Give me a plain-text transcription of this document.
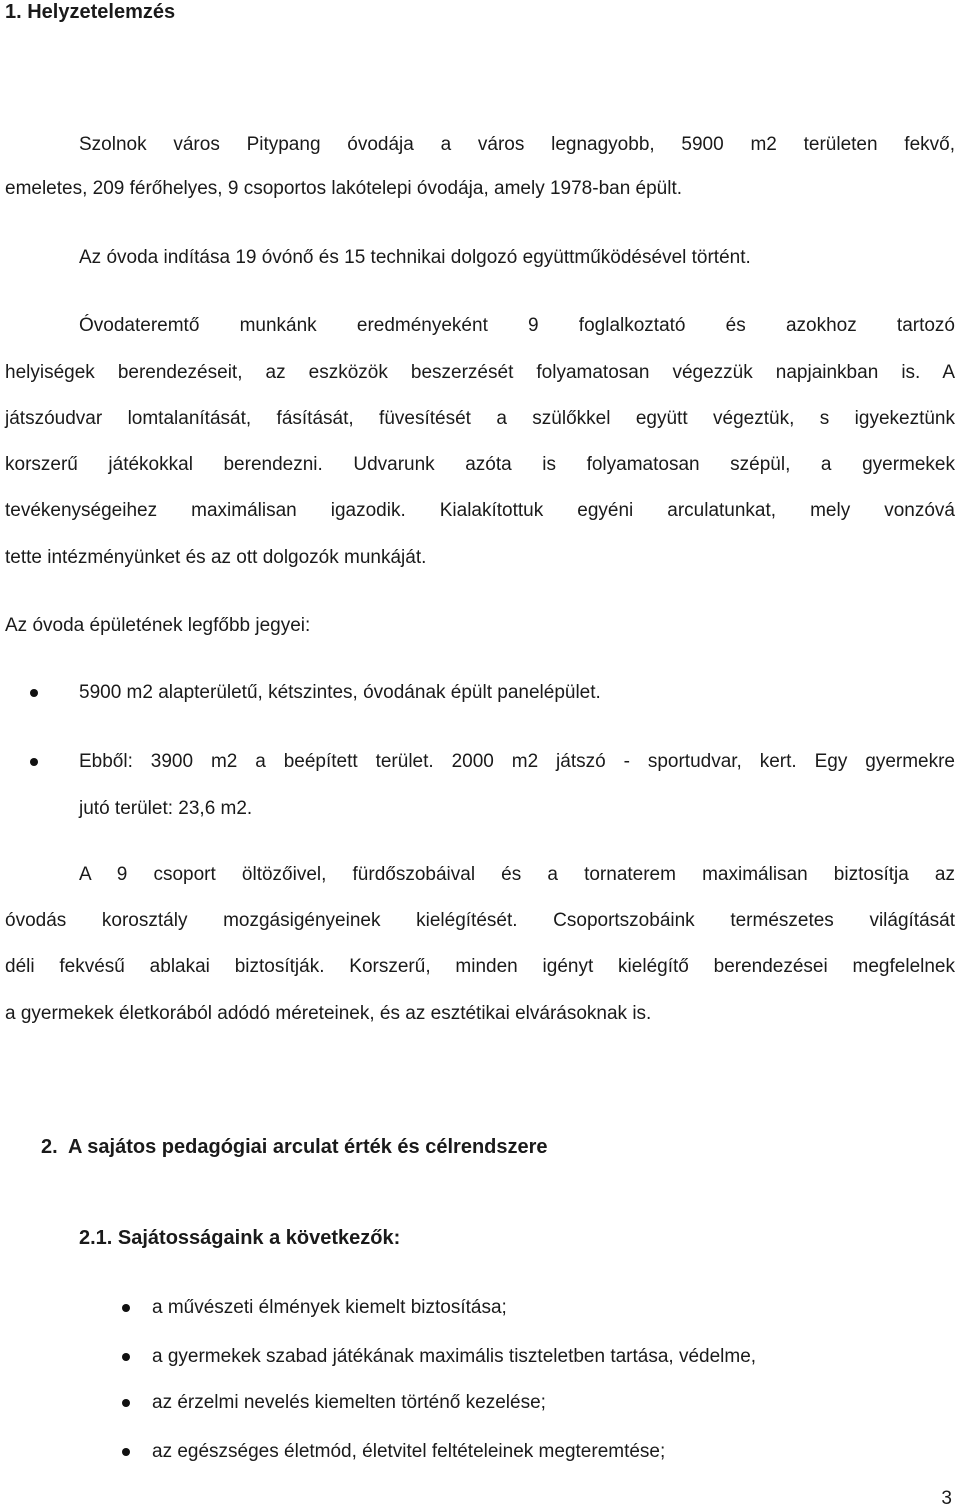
1. Helyzetelemzés
Szolnok város Pitypang óvodája a város legnagyobb, 5900 m2 területen fekvő,
emeletes, 209 férőhelyes, 9 csoportos lakótelepi óvodája, amely 1978-ban épült.
Az óvoda indítása 19 óvónő és 15 technikai dolgozó együttműködésével történt.
Óvodateremtő munkánk eredményeként 9 foglalkoztató és azokhoz tartozó
helyiségek berendezéseit, az eszközök beszerzését folyamatosan végezzük napjainkban is. A
játszóudvar lomtalanítását, fásítását, füvesítését a szülőkkel együtt végeztük, s igyekeztünk
korszerű játékokkal berendezni. Udvarunk azóta is folyamatosan szépül, a gyermekek
tevékenységeihez maximálisan igazodik. Kialakítottuk egyéni arculatunkat, mely vonzóvá
tette intézményünket és az ott dolgozók munkáját.
Az óvoda épületének legfőbb jegyei:
5900 m2 alapterületű, kétszintes, óvodának épült panelépület.
Ebből: 3900 m2 a beépített terület. 2000 m2 játszó - sportudvar, kert. Egy gyermekre
jutó terület: 23,6 m2.
A 9 csoport öltözőivel, fürdőszobáival és a tornaterem maximálisan biztosítja az
óvodás korosztály mozgásigényeinek kielégítését. Csoportszobáink természetes világítását
déli fekvésű ablakai biztosítják. Korszerű, minden igényt kielégítő berendezései megfelelnek
a gyermekek életkorából adódó méreteinek, és az esztétikai elvárásoknak is.
2.  A sajátos pedagógiai arculat érték és célrendszere
2.1. Sajátosságaink a következők:
a művészeti élmények kiemelt biztosítása;
a gyermekek szabad játékának maximális tiszteletben tartása, védelme,
az érzelmi nevelés kiemelten történő kezelése;
az egészséges életmód, életvitel feltételeinek megteremtése;
3
